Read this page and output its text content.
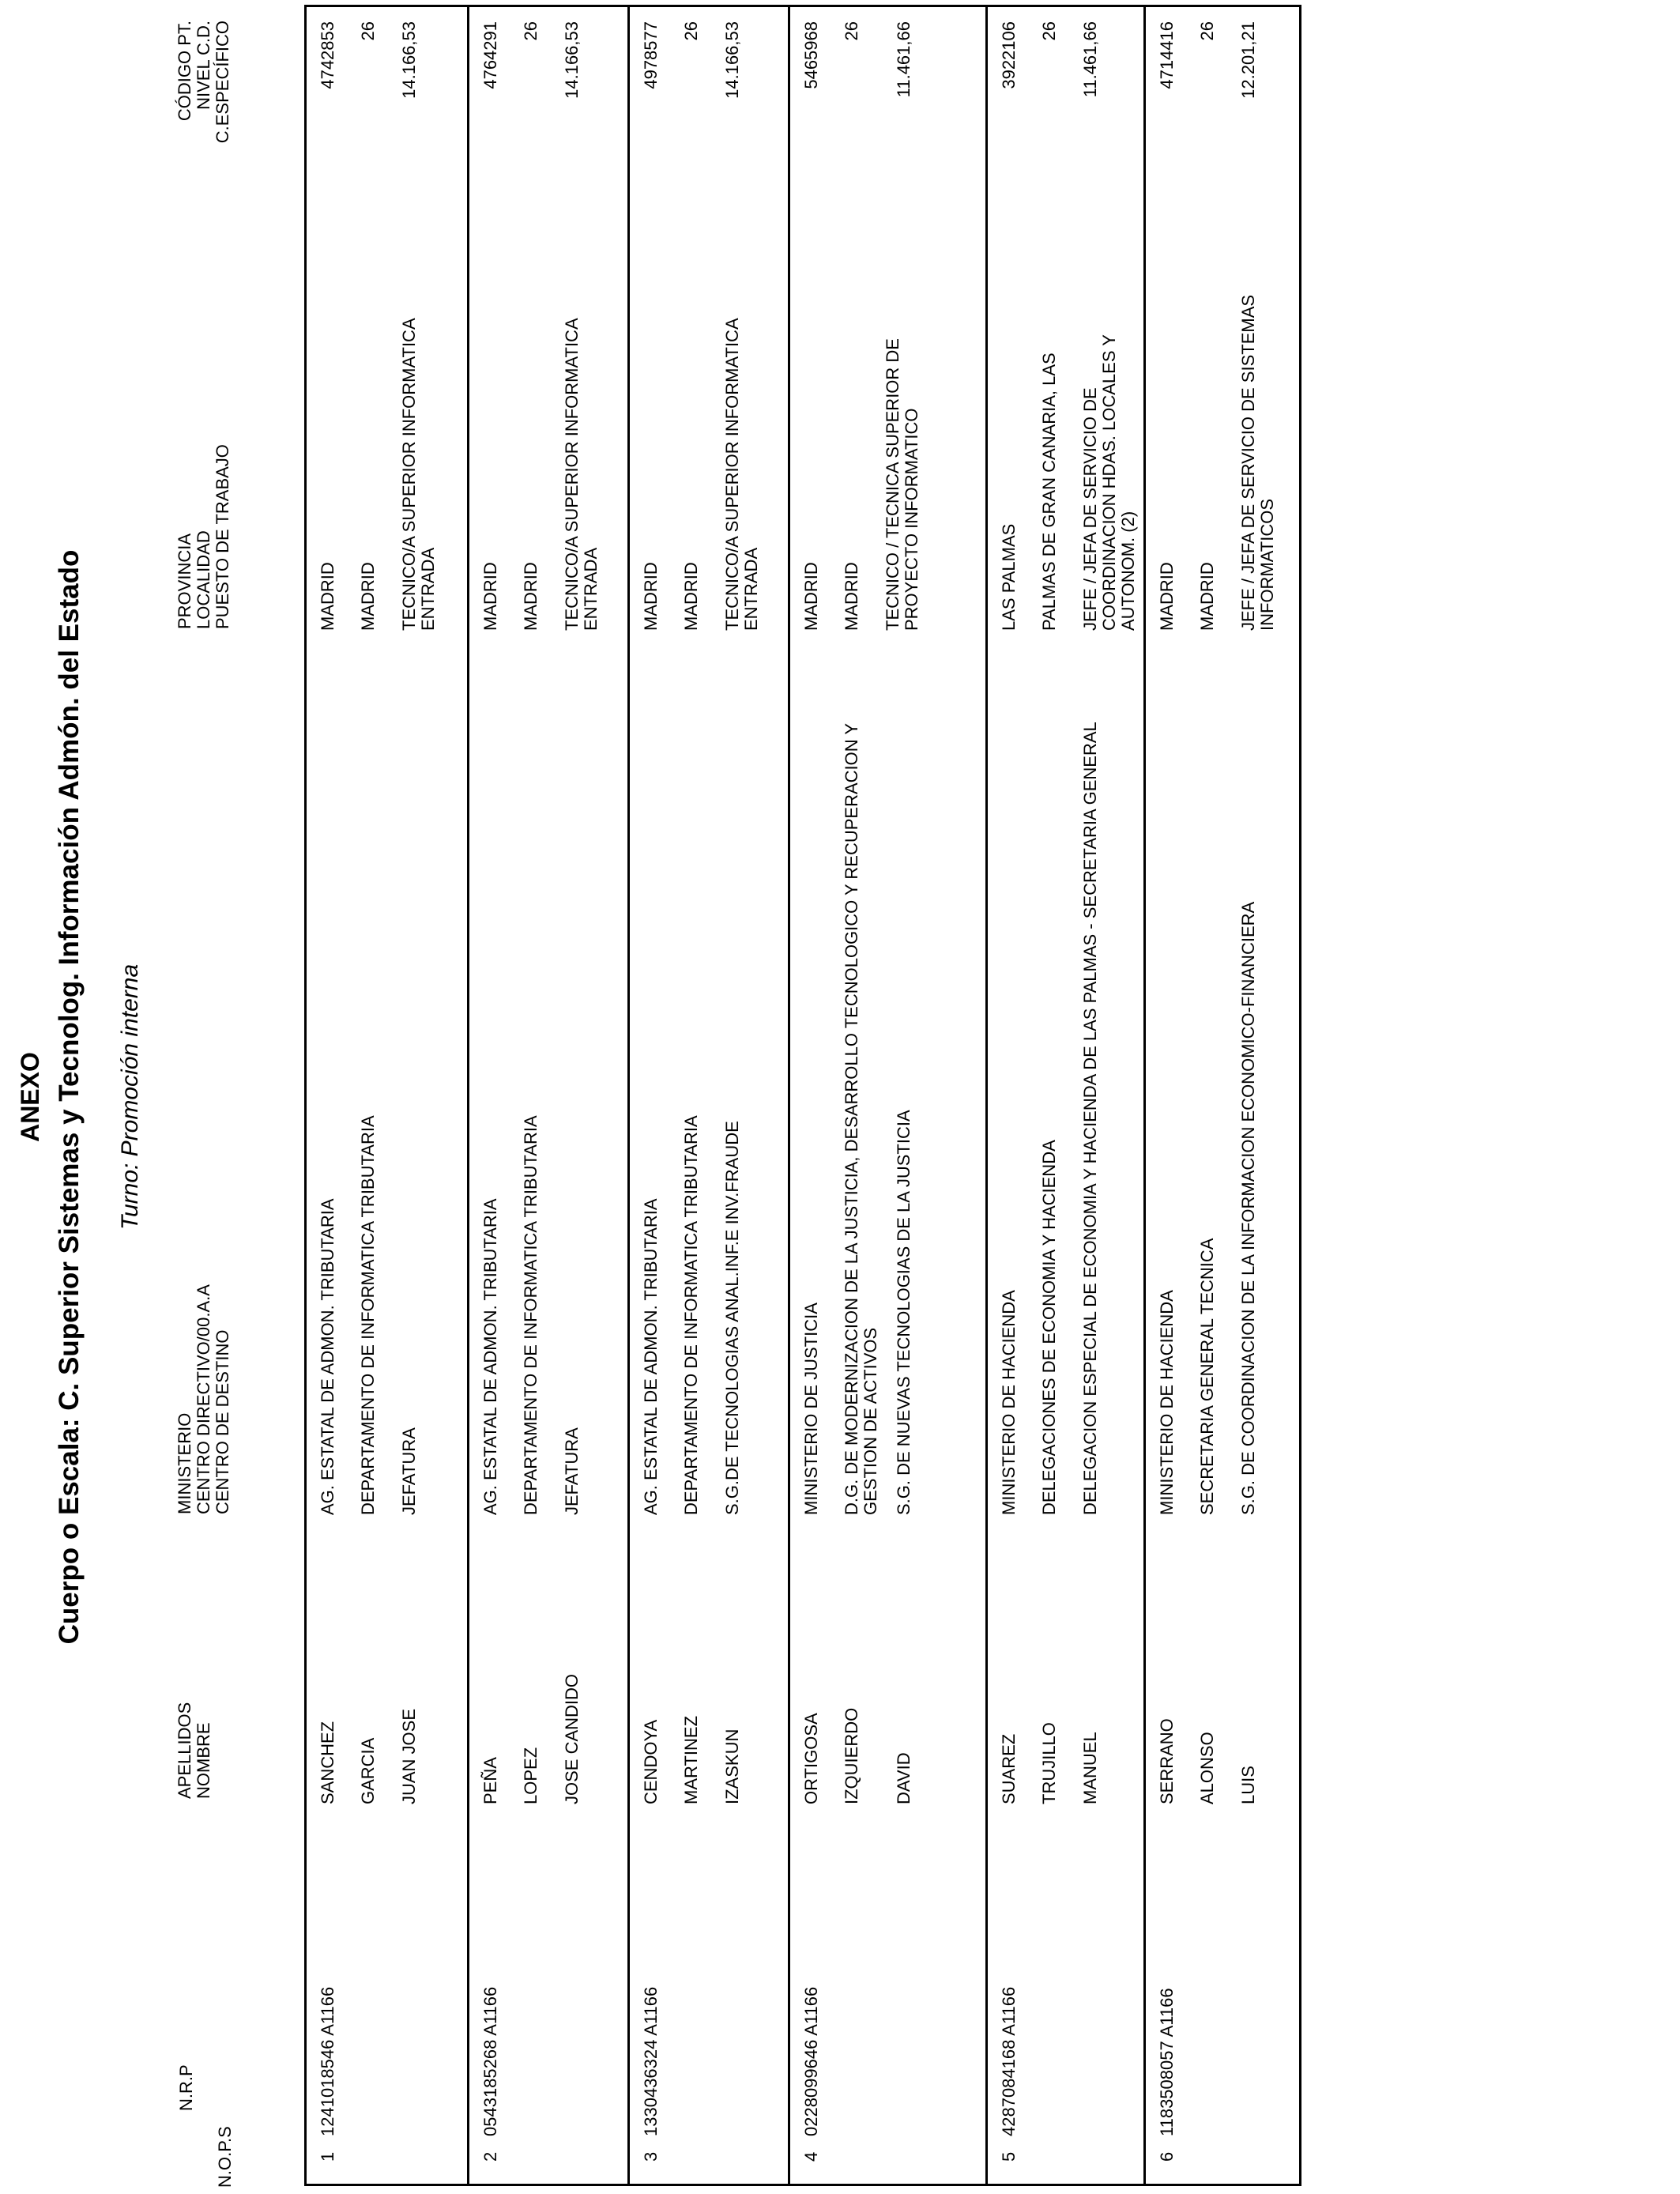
ANEXO Cuerpo o Escala: C. Superior Sistemas y Tecnolog. Información Admón. del Estado Turno: Promoción interna
N.O.P.S
N.R.P
APELLIDOS
NOMBRE
MINISTERIO
CENTRO DIRECTIVO/00.A.A
CENTRO DE DESTINO
PROVINCIA
LOCALIDAD
PUESTO DE TRABAJO
CÓDIGO PT.
NIVEL C.D.
C.ESPECÍFICO
1
1241018546 A1166
SANCHEZ GARCIA JUAN JOSE
AG. ESTATAL DE ADMON. TRIBUTARIA DEPARTAMENTO DE INFORMATICA TRIBUTARIA JEFATURA
MADRID MADRID TECNICO/A SUPERIOR INFORMATICA ENTRADA
4742853 26 14.166,53
2
0543185268 A1166
PEÑA LOPEZ JOSE CANDIDO
AG. ESTATAL DE ADMON. TRIBUTARIA DEPARTAMENTO DE INFORMATICA TRIBUTARIA JEFATURA
MADRID MADRID TECNICO/A SUPERIOR INFORMATICA ENTRADA
4764291 26 14.166,53
3
1330436324 A1166
CENDOYA MARTINEZ IZASKUN
AG. ESTATAL DE ADMON. TRIBUTARIA DEPARTAMENTO DE INFORMATICA TRIBUTARIA S.G.DE TECNOLOGIAS ANAL.INF.E INV.FRAUDE
MADRID MADRID TECNICO/A SUPERIOR INFORMATICA ENTRADA
4978577 26 14.166,53
4
0228099646 A1166
ORTIGOSA IZQUIERDO DAVID
MINISTERIO DE JUSTICIA D.G. DE MODERNIZACION DE LA JUSTICIA, DESARROLLO TECNOLOGICO Y RECUPERACION Y GESTION DE ACTIVOS S.G. DE NUEVAS TECNOLOGIAS DE LA JUSTICIA
MADRID MADRID TECNICO / TECNICA SUPERIOR DE PROYECTO INFORMATICO
5465968 26 11.461,66
5
4287084168 A1166
SUAREZ TRUJILLO MANUEL
MINISTERIO DE HACIENDA DELEGACIONES DE ECONOMIA Y HACIENDA DELEGACION ESPECIAL DE ECONOMIA Y HACIENDA DE LAS PALMAS - SECRETARIA GENERAL
LAS PALMAS PALMAS DE GRAN CANARIA, LAS JEFE / JEFA DE SERVICIO DE COORDINACION HDAS. LOCALES Y AUTONOM. (2)
3922106 26 11.461,66
6
1183508057 A1166
SERRANO ALONSO LUIS
MINISTERIO DE HACIENDA SECRETARIA GENERAL TECNICA S.G. DE COORDINACION DE LA INFORMACION ECONOMICO-FINANCIERA
MADRID MADRID JEFE / JEFA DE SERVICIO DE SISTEMAS INFORMATICOS
4714416 26 12.201,21
